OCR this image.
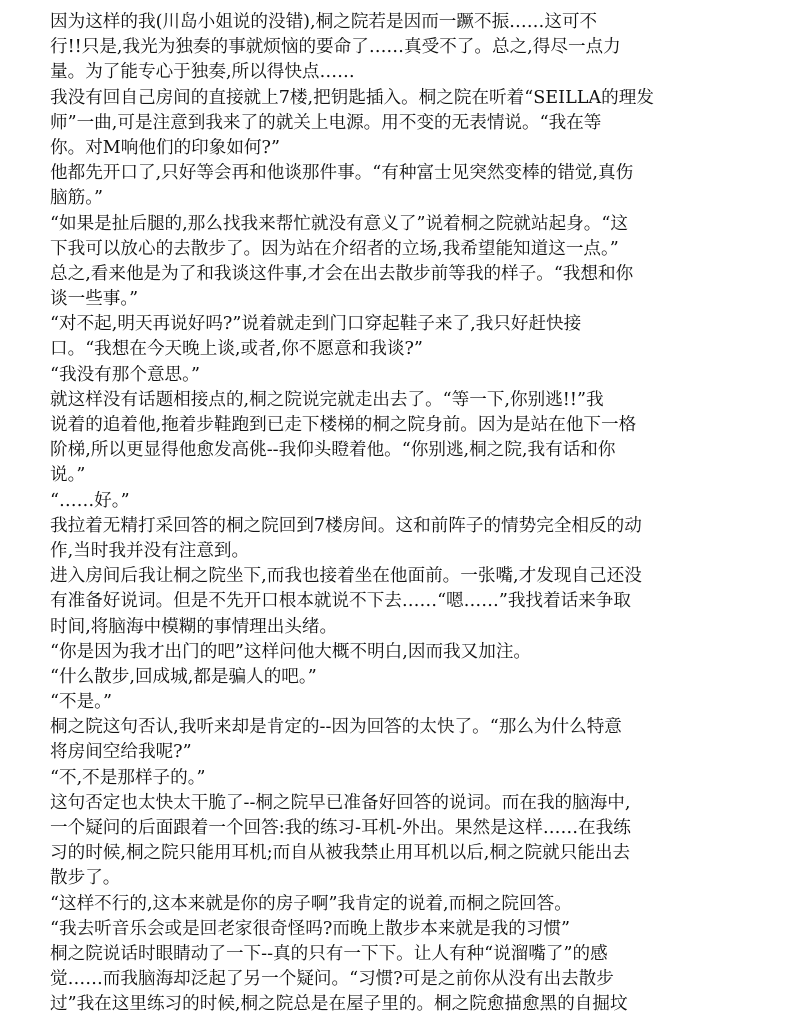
因为这样的我(川岛小姐说的没错),桐之院若是因而一蹶不振……这可不
行!!只是,我光为独奏的事就烦恼的要命了……真受不了。总之,得尽一点力
量。为了能专心于独奏,所以得快点……
我没有回自己房间的直接就上7楼,把钥匙插入。桐之院在听着“SEILLA的理发
师”一曲,可是注意到我来了的就关上电源。用不变的无表情说。“我在等
你。对M响他们的印象如何?”
他都先开口了,只好等会再和他谈那件事。“有种富士见突然变棒的错觉,真伤
脑筋。”
“如果是扯后腿的,那么找我来帮忙就没有意义了”说着桐之院就站起身。“这
下我可以放心的去散步了。因为站在介绍者的立场,我希望能知道这一点。”
总之,看来他是为了和我谈这件事,才会在出去散步前等我的样子。“我想和你
谈一些事。”
“对不起,明天再说好吗?”说着就走到门口穿起鞋子来了,我只好赶快接
口。“我想在今天晚上谈,或者,你不愿意和我谈?”
“我没有那个意思。”
就这样没有话题相接点的,桐之院说完就走出去了。“等一下,你别逃!!”我
说着的追着他,拖着步鞋跑到已走下楼梯的桐之院身前。因为是站在他下一格
阶梯,所以更显得他愈发高佻--我仰头瞪着他。“你别逃,桐之院,我有话和你
说。”
“……好。”
我拉着无精打采回答的桐之院回到7楼房间。这和前阵子的情势完全相反的动
作,当时我并没有注意到。
进入房间后我让桐之院坐下,而我也接着坐在他面前。一张嘴,才发现自己还没
有准备好说词。但是不先开口根本就说不下去……“嗯……”我找着话来争取
时间,将脑海中模糊的事情理出头绪。
“你是因为我才出门的吧”这样问他大概不明白,因而我又加注。
“什么散步,回成城,都是骗人的吧。”
“不是。”
桐之院这句否认,我听来却是肯定的--因为回答的太快了。“那么为什么特意
将房间空给我呢?”
“不,不是那样子的。”
这句否定也太快太干脆了--桐之院早已准备好回答的说词。而在我的脑海中,
一个疑问的后面跟着一个回答:我的练习-耳机-外出。果然是这样……在我练
习的时候,桐之院只能用耳机;而自从被我禁止用耳机以后,桐之院就只能出去
散步了。
“这样不行的,这本来就是你的房子啊”我肯定的说着,而桐之院回答。
“我去听音乐会或是回老家很奇怪吗?而晚上散步本来就是我的习惯”
桐之院说话时眼睛动了一下--真的只有一下下。让人有种“说溜嘴了”的感
觉……而我脑海却泛起了另一个疑问。“习惯?可是之前你从没有出去散步
过”我在这里练习的时候,桐之院总是在屋子里的。桐之院愈描愈黑的自掘坟
